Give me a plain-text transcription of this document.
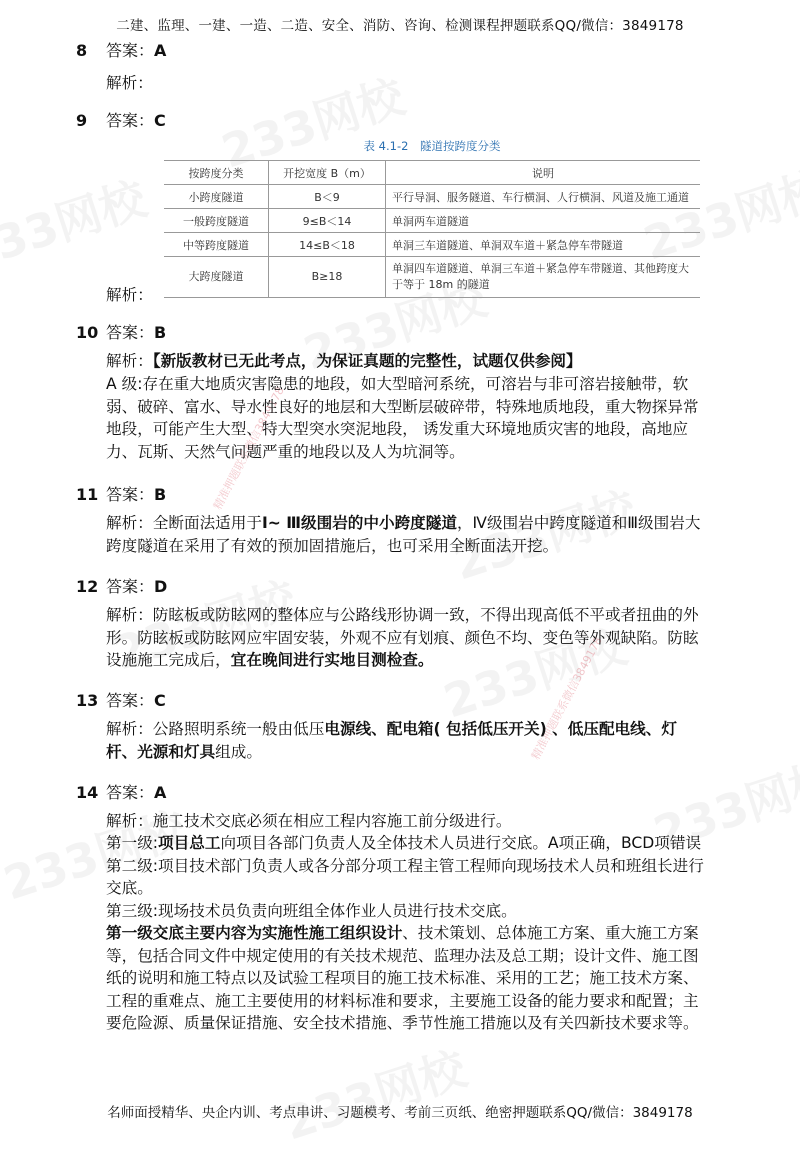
二建、监理、一建、一造、二造、安全、消防、咨询、检测课程押题联系QQ/微信：3849178
精准押题联系微信3849178
精准押题联系微信3849178
8 答案：A

解析：

9 答案：C

解析：

表 4.1-2　隧道按跨度分类
按跨度分类	开挖宽度 B（m）	说明
小跨度隧道	B＜9	平行导洞、服务隧道、车行横洞、人行横洞、风道及施工通道
一般跨度隧道	9≤B＜14	单洞两车道隧道
中等跨度隧道	14≤B＜18	单洞三车道隧道、单洞双车道＋紧急停车带隧道
大跨度隧道	B≥18	单洞四车道隧道、单洞三车道＋紧急停车带隧道、其他跨度大于等于 18m 的隧道
10 答案：B

解析：【新版教材已无此考点，为保证真题的完整性，试题仅供参阅】

A 级:存在重大地质灾害隐患的地段，如大型暗河系统，可溶岩与非可溶岩接触带，软

弱、破碎、富水、导水性良好的地层和大型断层破碎带，特殊地质地段，重大物探异常

地段，可能产生大型、特大型突水突泥地段， 诱发重大环境地质灾害的地段，高地应

力、瓦斯、天然气问题严重的地段以及人为坑洞等。

11 答案：B

解析：全断面法适用于Ⅰ~ Ⅲ级围岩的中小跨度隧道，Ⅳ级围岩中跨度隧道和Ⅲ级围岩大

跨度隧道在采用了有效的预加固措施后，也可采用全断面法开挖。

12 答案：D

解析：防眩板或防眩网的整体应与公路线形协调一致，不得出现高低不平或者扭曲的外

形。防眩板或防眩网应牢固安装，外观不应有划痕、颜色不均、变色等外观缺陷。防眩

设施施工完成后，宜在晚间进行实地目测检查。

13 答案：C

解析：公路照明系统一般由低压电源线、配电箱( 包括低压开关) 、低压配电线、灯

杆、光源和灯具组成。

14 答案：A

解析：施工技术交底必须在相应工程内容施工前分级进行。

第一级:项目总工向项目各部门负责人及全体技术人员进行交底。A项正确，BCD项错误

第二级:项目技术部门负责人或各分部分项工程主管工程师向现场技术人员和班组长进行

交底。

第三级:现场技术员负责向班组全体作业人员进行技术交底。

第一级交底主要内容为实施性施工组织设计、技术策划、总体施工方案、重大施工方案

等，包括合同文件中规定使用的有关技术规范、监理办法及总工期；设计文件、施工图

纸的说明和施工特点以及试验工程项目的施工技术标准、采用的工艺；施工技术方案、

工程的重难点、施工主要使用的材料标准和要求，主要施工设备的能力要求和配置；主

要危险源、质量保证措施、安全技术措施、季节性施工措施以及有关四新技术要求等。

名师面授精华、央企内训、考点串讲、习题模考、考前三页纸、绝密押题联系QQ/微信：3849178
